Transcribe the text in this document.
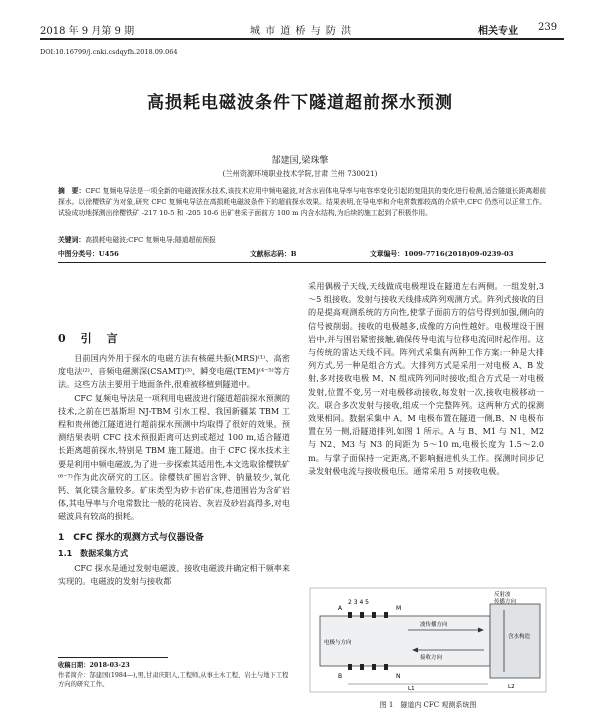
2018 年 9 月第 9 期	城 市 道 桥 与 防 洪	相关专业 239
DOI:10.16799/j.cnki.csdqyfh.2018.09.064
高损耗电磁波条件下隧道超前探水预测
郜建国,梁珠擎
(兰州资源环境职业技术学院,甘肃 兰州 730021)
摘　要：CFC 复频电导法是一项全新的电磁波探水技术,该技术应用中频电磁波,对含水岩体电导率与电容率变化引起的复阻抗的变化进行检测,适合隧道长距离超前探水。以徐樱铁矿为对象,研究 CFC 复频电导法在高损耗电磁波条件下的超前探水效果。结果表明,在导电率和介电常数都较高的介质中,CFC 仍然可以正常工作。试验成功地探测出徐樱铁矿 -217 10-5 和 -205 10-6 出矿巷采子面前方 100 m 内含水结构,为后续的施工起到了积极作用。
关键词：高损耗电磁波;CFC 复频电导;隧道超前预报
中图分类号：U456	文献标志码：B	文章编号：1009-7716(2018)09-0239-03
0　引　言

目前国内外用于探水的电磁方法有核磁共振(MRS)⁽¹⁾、高密度电法⁽²⁾、音频电磁测深(CSAMT)⁽³⁾、瞬变电磁(TEM)⁽⁴⁻⁵⁾等方法。这些方法主要用于地面条件,很难被移植到隧道中。

CFC 复频电导法是一项利用电磁波进行隧道超前探水预测的技术,之前在巴基斯坦 NJ-TBM 引水工程、我国新疆某 TBM 工程和贵州德江隧道进行超前探水预测中均取得了很好的效果。预测结果表明 CFC 技术预报距离可达到或超过 100 m,适合隧道长距离超前探水,特别是 TBM 施工隧道。由于 CFC 探水技术主要是利用中频电磁波,为了进一步探索其适用性,本文选取徐樱铁矿⁽⁶⁻⁷⁾作为此次研究的工区。徐樱铁矿围岩含钾、钠量较少,氧化钙、氧化镁含量较多。矿床类型为矽卡岩矿床,巷道围岩为含矿岩体,其电导率与介电常数比一般的花岗岩、灰岩及砂岩高得多,对电磁波具有较高的损耗。

1　CFC 探水的观测方式与仪器设备
1.1　数据采集方式

CFC 探水是通过发射电磁波、接收电磁波并确定相干频率来实现的。电磁波的发射与接收都

收稿日期：2018-03-23
作者简介：郜建国(1984—),男,甘肃庆阳人,工程师,从事土木工程、岩土与地下工程方向的研究工作。

采用偶极子天线,天线做成电极埋设在隧道左右两侧。一组发射,3～5 组接收。发射与接收天线排成阵列观测方式。阵列式接收的目的是提高观测系统的方向性,使掌子面前方的信号得到加强,侧向的信号被削弱。接收的电极越多,成像的方向性越好。电极埋设于围岩中,并与围岩紧密接触,确保传导电流与位移电流同时起作用。这与传统的雷达天线不同。阵列式采集有两种工作方案:一种是大排列方式,另一种是组合方式。大排列方式是采用一对电极 A、B 发射,多对接收电极 M、N 组成阵列同时接收;组合方式是一对电极发射,位置不变,另一对电极移动接收,每发射一次,接收电极移动一次。联合多次发射与接收,组成一个完整阵列。这两种方式的探测效果相同。数据采集中 A、M 电极布置在隧道一侧,B、N 电极布置在另一侧,沿隧道排列,如图 1 所示。A 与 B、M1 与 N1、M2 与 N2、M3 与 N3 的间距为 5～10 m,电极长度为 1.5～2.0 m。与掌子面保持一定距离,不影响掘进机头工作。探测时同步记录发射极电流与接收极电压。通常采用 5 对接收电极。

2 3 4 5
波传播方向
接收方向
反射波
传播方向
含水构造
电极与方向
A
B
M
N
L1	L2
图 1　隧道内 CFC 观测系统图
